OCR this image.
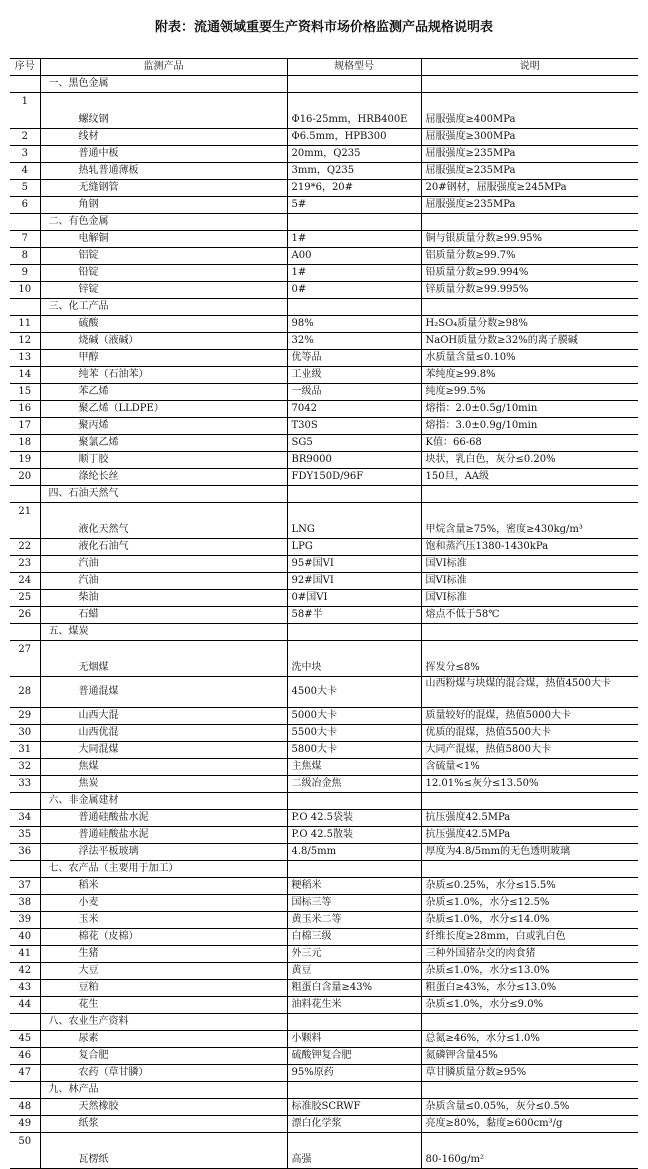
附表：流通领域重要生产资料市场价格监测产品规格说明表
序号	监测产品	规格型号	说明
	一、黑色金属		
1	螺纹钢	Φ16-25mm，HRB400E	屈服强度≥400MPa
2	线材	Φ6.5mm，HPB300	屈服强度≥300MPa
3	普通中板	20mm，Q235	屈服强度≥235MPa
4	热轧普通薄板	3mm，Q235	屈服强度≥235MPa
5	无缝钢管	219*6，20#	20#钢材，屈服强度≥245MPa
6	角钢	5#	屈服强度≥235MPa
	二、有色金属		
7	电解铜	1#	铜与银质量分数≥99.95%
8	铝锭	A00	铝质量分数≥99.7%
9	铅锭	1#	铅质量分数≥99.994%
10	锌锭	0#	锌质量分数≥99.995%
	三、化工产品		
11	硫酸	98%	H₂SO₄质量分数≥98%
12	烧碱（液碱）	32%	NaOH质量分数≥32%的离子膜碱
13	甲醇	优等品	水质量含量≤0.10%
14	纯苯（石油苯）	工业级	苯纯度≥99.8%
15	苯乙烯	一级品	纯度≥99.5%
16	聚乙烯（LLDPE）	7042	熔指：2.0±0.5g/10min
17	聚丙烯	T30S	熔指：3.0±0.9g/10min
18	聚氯乙烯	SG5	K值：66-68
19	顺丁胶	BR9000	块状，乳白色，灰分≤0.20%
20	涤纶长丝	FDY150D/96F	150旦，AA级
	四、石油天然气		
21	液化天然气	LNG	甲烷含量≥75%，密度≥430kg/m³
22	液化石油气	LPG	饱和蒸汽压1380-1430kPa
23	汽油	95#国VI	国VI标准
24	汽油	92#国VI	国VI标准
25	柴油	0#国VI	国VI标准
26	石蜡	58#半	熔点不低于58℃
	五、煤炭		
27	无烟煤	洗中块	挥发分≤8%
28	普通混煤	4500大卡	山西粉煤与块煤的混合煤，热值4500大卡
29	山西大混	5000大卡	质量较好的混煤，热值5000大卡
30	山西优混	5500大卡	优质的混煤，热值5500大卡
31	大同混煤	5800大卡	大同产混煤，热值5800大卡
32	焦煤	主焦煤	含硫量<1%
33	焦炭	二级冶金焦	12.01%≤灰分≤13.50%
	六、非金属建材		
34	普通硅酸盐水泥	P.O 42.5袋装	抗压强度42.5MPa
35	普通硅酸盐水泥	P.O 42.5散装	抗压强度42.5MPa
36	浮法平板玻璃	4.8/5mm	厚度为4.8/5mm的无色透明玻璃
	七、农产品（主要用于加工）		
37	稻米	粳稻米	杂质≤0.25%，水分≤15.5%
38	小麦	国标三等	杂质≤1.0%，水分≤12.5%
39	玉米	黄玉米二等	杂质≤1.0%，水分≤14.0%
40	棉花（皮棉）	白棉三级	纤维长度≥28mm，白或乳白色
41	生猪	外三元	三种外国猪杂交的肉食猪
42	大豆	黄豆	杂质≤1.0%，水分≤13.0%
43	豆粕	粗蛋白含量≥43%	粗蛋白≥43%，水分≤13.0%
44	花生	油料花生米	杂质≤1.0%，水分≤9.0%
	八、农业生产资料		
45	尿素	小颗料	总氮≥46%，水分≤1.0%
46	复合肥	硫酸钾复合肥	氮磷钾含量45%
47	农药（草甘膦）	95%原药	草甘膦质量分数≥95%
	九、林产品		
48	天然橡胶	标准胶SCRWF	杂质含量≤0.05%，灰分≤0.5%
49	纸浆	漂白化学浆	亮度≥80%，黏度≥600cm³/g
50	瓦楞纸	高强	80-160g/m²
